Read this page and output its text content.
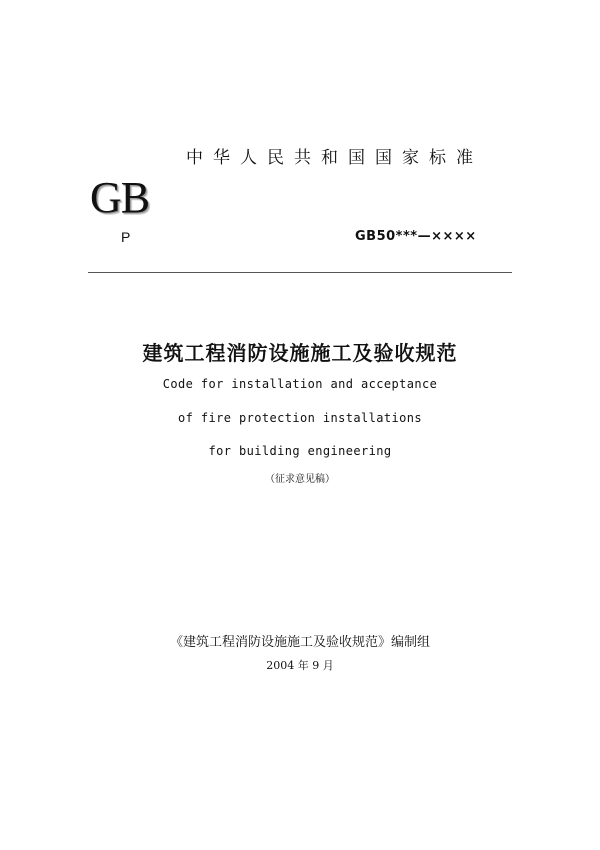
中华人民共和国国家标准
GB
P	GB50***—××××
建筑工程消防设施施工及验收规范
Code for installation and acceptance
of fire protection installations
for building engineering
（征求意见稿）
《建筑工程消防设施施工及验收规范》编制组
2004 年 9 月
